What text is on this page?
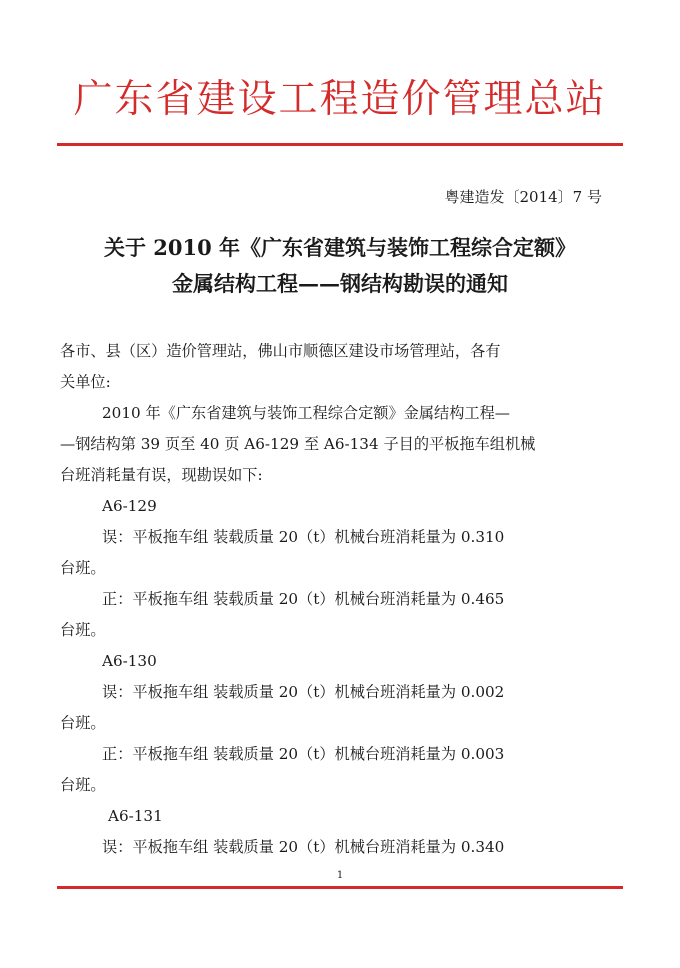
广东省建设工程造价管理总站
粤建造发〔2014〕7 号
关于 2010 年《广东省建筑与装饰工程综合定额》
金属结构工程——钢结构勘误的通知
各市、县（区）造价管理站，佛山市顺德区建设市场管理站，各有
关单位:
2010 年《广东省建筑与装饰工程综合定额》金属结构工程—
—钢结构第 39 页至 40 页 A6-129 至 A6-134 子目的平板拖车组机械
台班消耗量有误，现勘误如下:
A6-129
误：平板拖车组 装载质量 20（t）机械台班消耗量为 0.310
台班。
正：平板拖车组 装载质量 20（t）机械台班消耗量为 0.465
台班。
A6-130
误：平板拖车组 装载质量 20（t）机械台班消耗量为 0.002
台班。
正：平板拖车组 装载质量 20（t）机械台班消耗量为 0.003
台班。
A6-131
误：平板拖车组 装载质量 20（t）机械台班消耗量为 0.340
1
